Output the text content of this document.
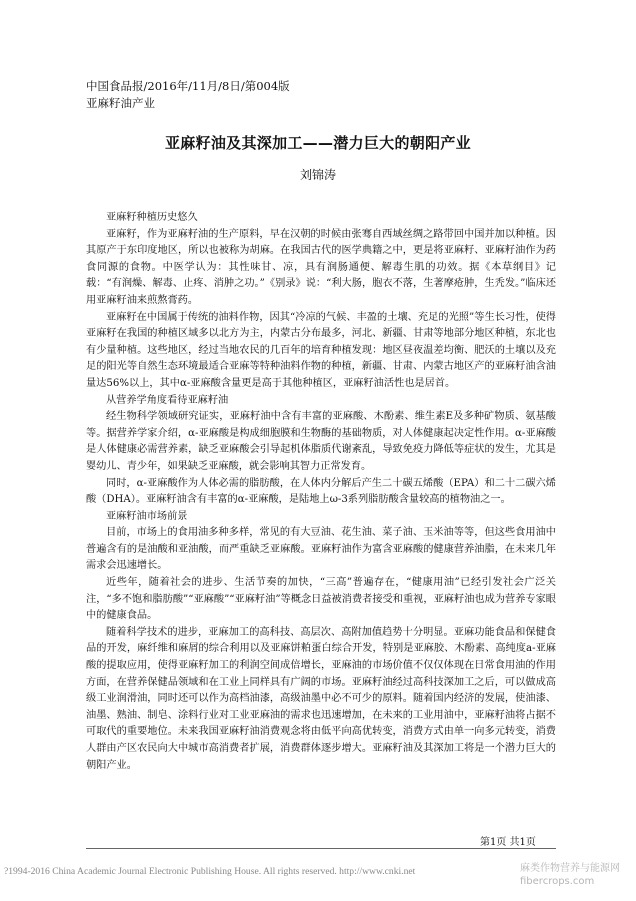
中国食品报/2016年/11月/8日/第004版
亚麻籽油产业
亚麻籽油及其深加工——潜力巨大的朝阳产业
刘锦涛

亚麻籽种植历史悠久

亚麻籽，作为亚麻籽油的生产原料，早在汉朝的时候由张骞自西域丝绸之路带回中国并加以种植。因其原产于东印度地区，所以也被称为胡麻。在我国古代的医学典籍之中，更是将亚麻籽、亚麻籽油作为药食同源的食物。中医学认为：其性味甘、凉，具有润肠通便、解毒生肌的功效。据《本草纲目》记载：“有润燥、解毒、止疼、消肿之功。”《别录》说：“利大肠，胞衣不落，生著摩疮肿，生秃发。”临床还用亚麻籽油来煎熬膏药。

亚麻籽在中国属于传统的油料作物，因其“冷凉的气候、丰盈的土壤、充足的光照”等生长习性，使得亚麻籽在我国的种植区域多以北方为主，内蒙古分布最多，河北、新疆、甘肃等地部分地区种植，东北也有少量种植。这些地区，经过当地农民的几百年的培育种植发现：地区昼夜温差均衡、肥沃的土壤以及充足的阳光等自然生态环境最适合亚麻等特种油料作物的种植，新疆、甘肃、内蒙古地区产的亚麻籽油含油量达56%以上，其中α-亚麻酸含量更是高于其他种植区，亚麻籽油活性也是居首。

从营养学角度看待亚麻籽油

经生物科学领域研究证实，亚麻籽油中含有丰富的亚麻酸、木酚素、维生素E及多种矿物质、氨基酸等。据营养学家介绍，α-亚麻酸是构成细胞膜和生物酶的基础物质，对人体健康起决定性作用。α-亚麻酸是人体健康必需营养素，缺乏亚麻酸会引导起机体脂质代谢紊乱，导致免疫力降低等症状的发生，尤其是婴幼儿、青少年，如果缺乏亚麻酸，就会影响其智力正常发育。

同时，α-亚麻酸作为人体必需的脂肪酸，在人体内分解后产生二十碳五烯酸（EPA）和二十二碳六烯酸（DHA）。亚麻籽油含有丰富的α-亚麻酸，是陆地上ω-3系列脂肪酸含量较高的植物油之一。

亚麻籽油市场前景

目前，市场上的食用油多种多样，常见的有大豆油、花生油、菜子油、玉米油等等，但这些食用油中普遍含有的是油酸和亚油酸，而严重缺乏亚麻酸。亚麻籽油作为富含亚麻酸的健康营养油脂，在未来几年需求会迅速增长。

近些年，随着社会的进步、生活节奏的加快，“三高”普遍存在，“健康用油”已经引发社会广泛关注，“多不饱和脂肪酸”“亚麻酸”“亚麻籽油”等概念日益被消费者接受和重视，亚麻籽油也成为营养专家眼中的健康食品。

随着科学技术的进步，亚麻加工的高科技、高层次、高附加值趋势十分明显。亚麻功能食品和保健食品的开发，麻纤维和麻屑的综合利用以及亚麻饼粕蛋白综合开发，特别是亚麻胶、木酚素、高纯度a-亚麻酸的提取应用，使得亚麻籽加工的利润空间成倍增长，亚麻油的市场价值不仅仅体现在日常食用油的作用方面，在营养保健品领域和在工业上同样具有广阔的市场。亚麻籽油经过高科技深加工之后，可以做成高级工业润滑油，同时还可以作为高档油漆，高级油墨中必不可少的原料。随着国内经济的发展，使油漆、油墨、熟油、制皂、涂料行业对工业亚麻油的需求也迅速增加，在未来的工业用油中，亚麻籽油将占据不可取代的重要地位。未来我国亚麻籽油消费观念将由低平向高优转变，消费方式由单一向多元转变，消费人群由产区农民向大中城市高消费者扩展，消费群体逐步增大。亚麻籽油及其深加工将是一个潜力巨大的朝阳产业。

第1页 共1页
?1994-2016 China Academic Journal Electronic Publishing House. All rights reserved. http://www.cnki.net	麻类作物营养与能源网
fibercrops.com
